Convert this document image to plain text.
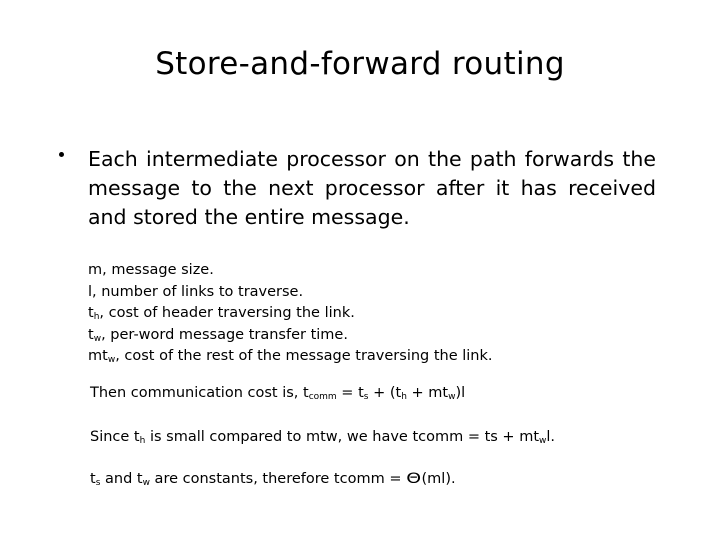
Store-and-forward routing
Each intermediate processor on the path forwards the message to the next processor after it has received and stored the entire message.
m, message size.
l, number of links to traverse.
$t_h$, cost of header traversing the link.
$t_w$, per-word message transfer time.
$mt_w$, cost of the rest of the message traversing the link.
Then communication cost is, $t_{comm} = t_s + (t_h + mt_w)l$
Since $t_h$ is small compared to mtw, we have tcomm = ts + $mt_wl$.
$t_s$ and $t_w$ are constants, therefore tcomm = Θ(ml).
